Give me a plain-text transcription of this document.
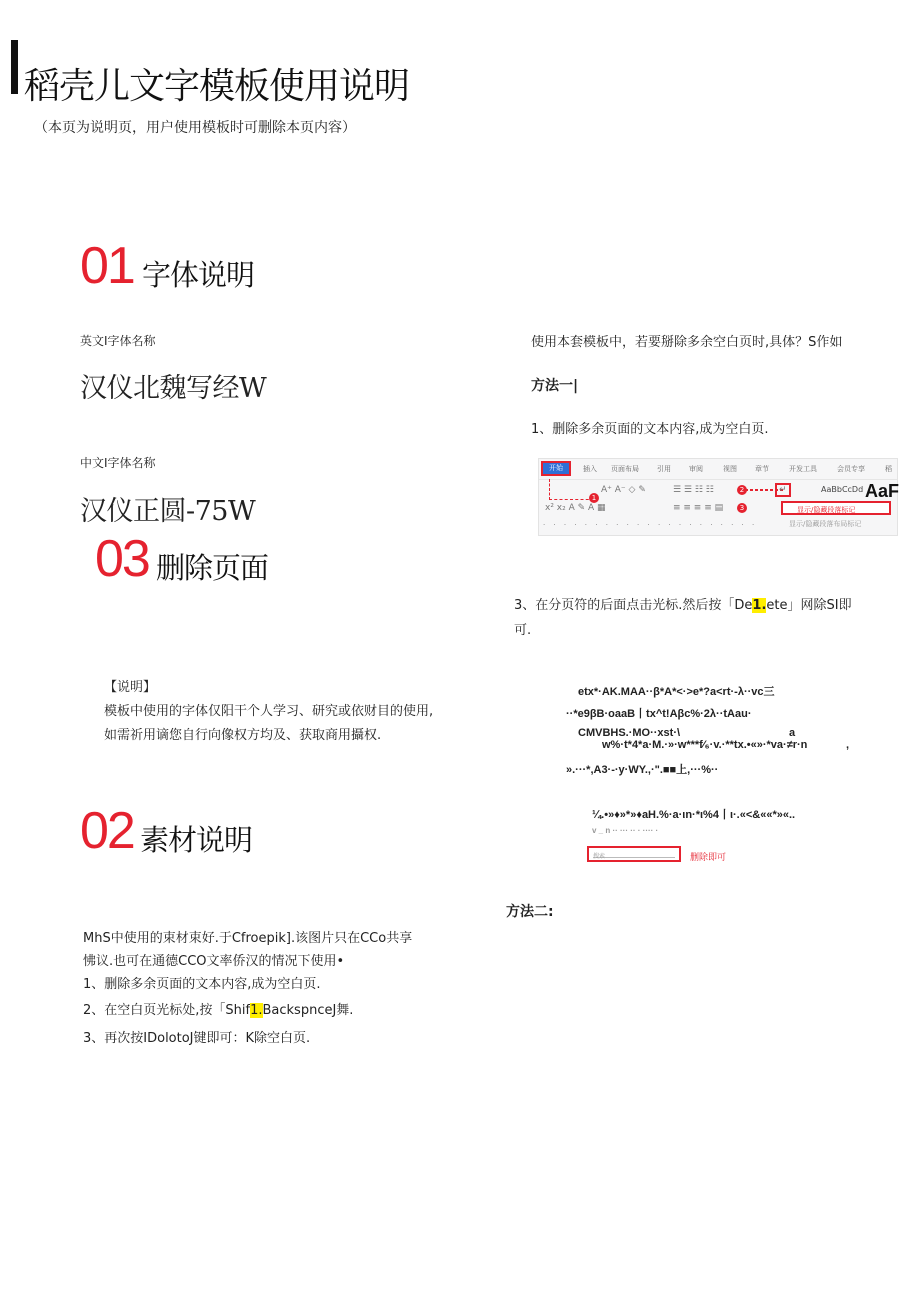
稻壳儿文字模板使用说明
（本页为说明页，用户使用模板时可删除本页内容）
01 字体说明
英文I字体名称
汉仪北魏写经W
中文I字体名称
汉仪正圆-75W
03 删除页面
【说明】
模板中使用的字体仅阳干个人学习、研究或依财目的使用,
如需祈用谪您自行向像权方均及、获取商用攝权.
02 素材说明
MhS中使用的束材束好.于Cfroepik].该图片只在CCo共享
怫议.也可在通德CCO文率侨汉的情况下使用•
1、删除多余页面的文本内容,成为空白页.
2、在空白页光标处,按「Shif1.BackspnceJ舞.
3、再次按IDolotoJ键即可：K除空白页.
使用本套模板中，若要掰除多余空白页时,具体？S作如
方法一|
1、删除多余页面的文本内容,成为空白页.
开始	插入 页面布局	引用	审阅	视图	章节	开发工具	会员专享	稻
A⁺ A⁻ ◇ ✎	☰ ☰ ☷ ☷
x² x₂ A ✎ A ▦	≡ ≡ ≡ ≡ ▤
· · · · · · · · · · · · · · · · · · · · ·
1
2
3
↵	AaBbCcDd AaF
显示/隐藏段落标记
显示/隐藏段落布局标记
3、在分页符的后面点击光标.然后按「De1.ete」网除SI即
可.
etx*·AK.MAA··β*A*<·>e*?a<rt·-λ··vc三
··*e9βB·oaaB丨tx^t!Aβc%·2λ··tAau·
CMVBHS.·MO··xst·\	a
w%·t*4*a·M.·»·w***f⁄₆·v.·**tx.•«»·*va·≠r·n	,
».···*,A3·-·y·WY.,·".■■上,···%··
¼.•»♦»*»♦aH.%·a·ιn·*ι%4丨ι·.«<&««*»«..
v _ n ·· ··· ·· · ···· ·
搜索	删除即可
方法二:
